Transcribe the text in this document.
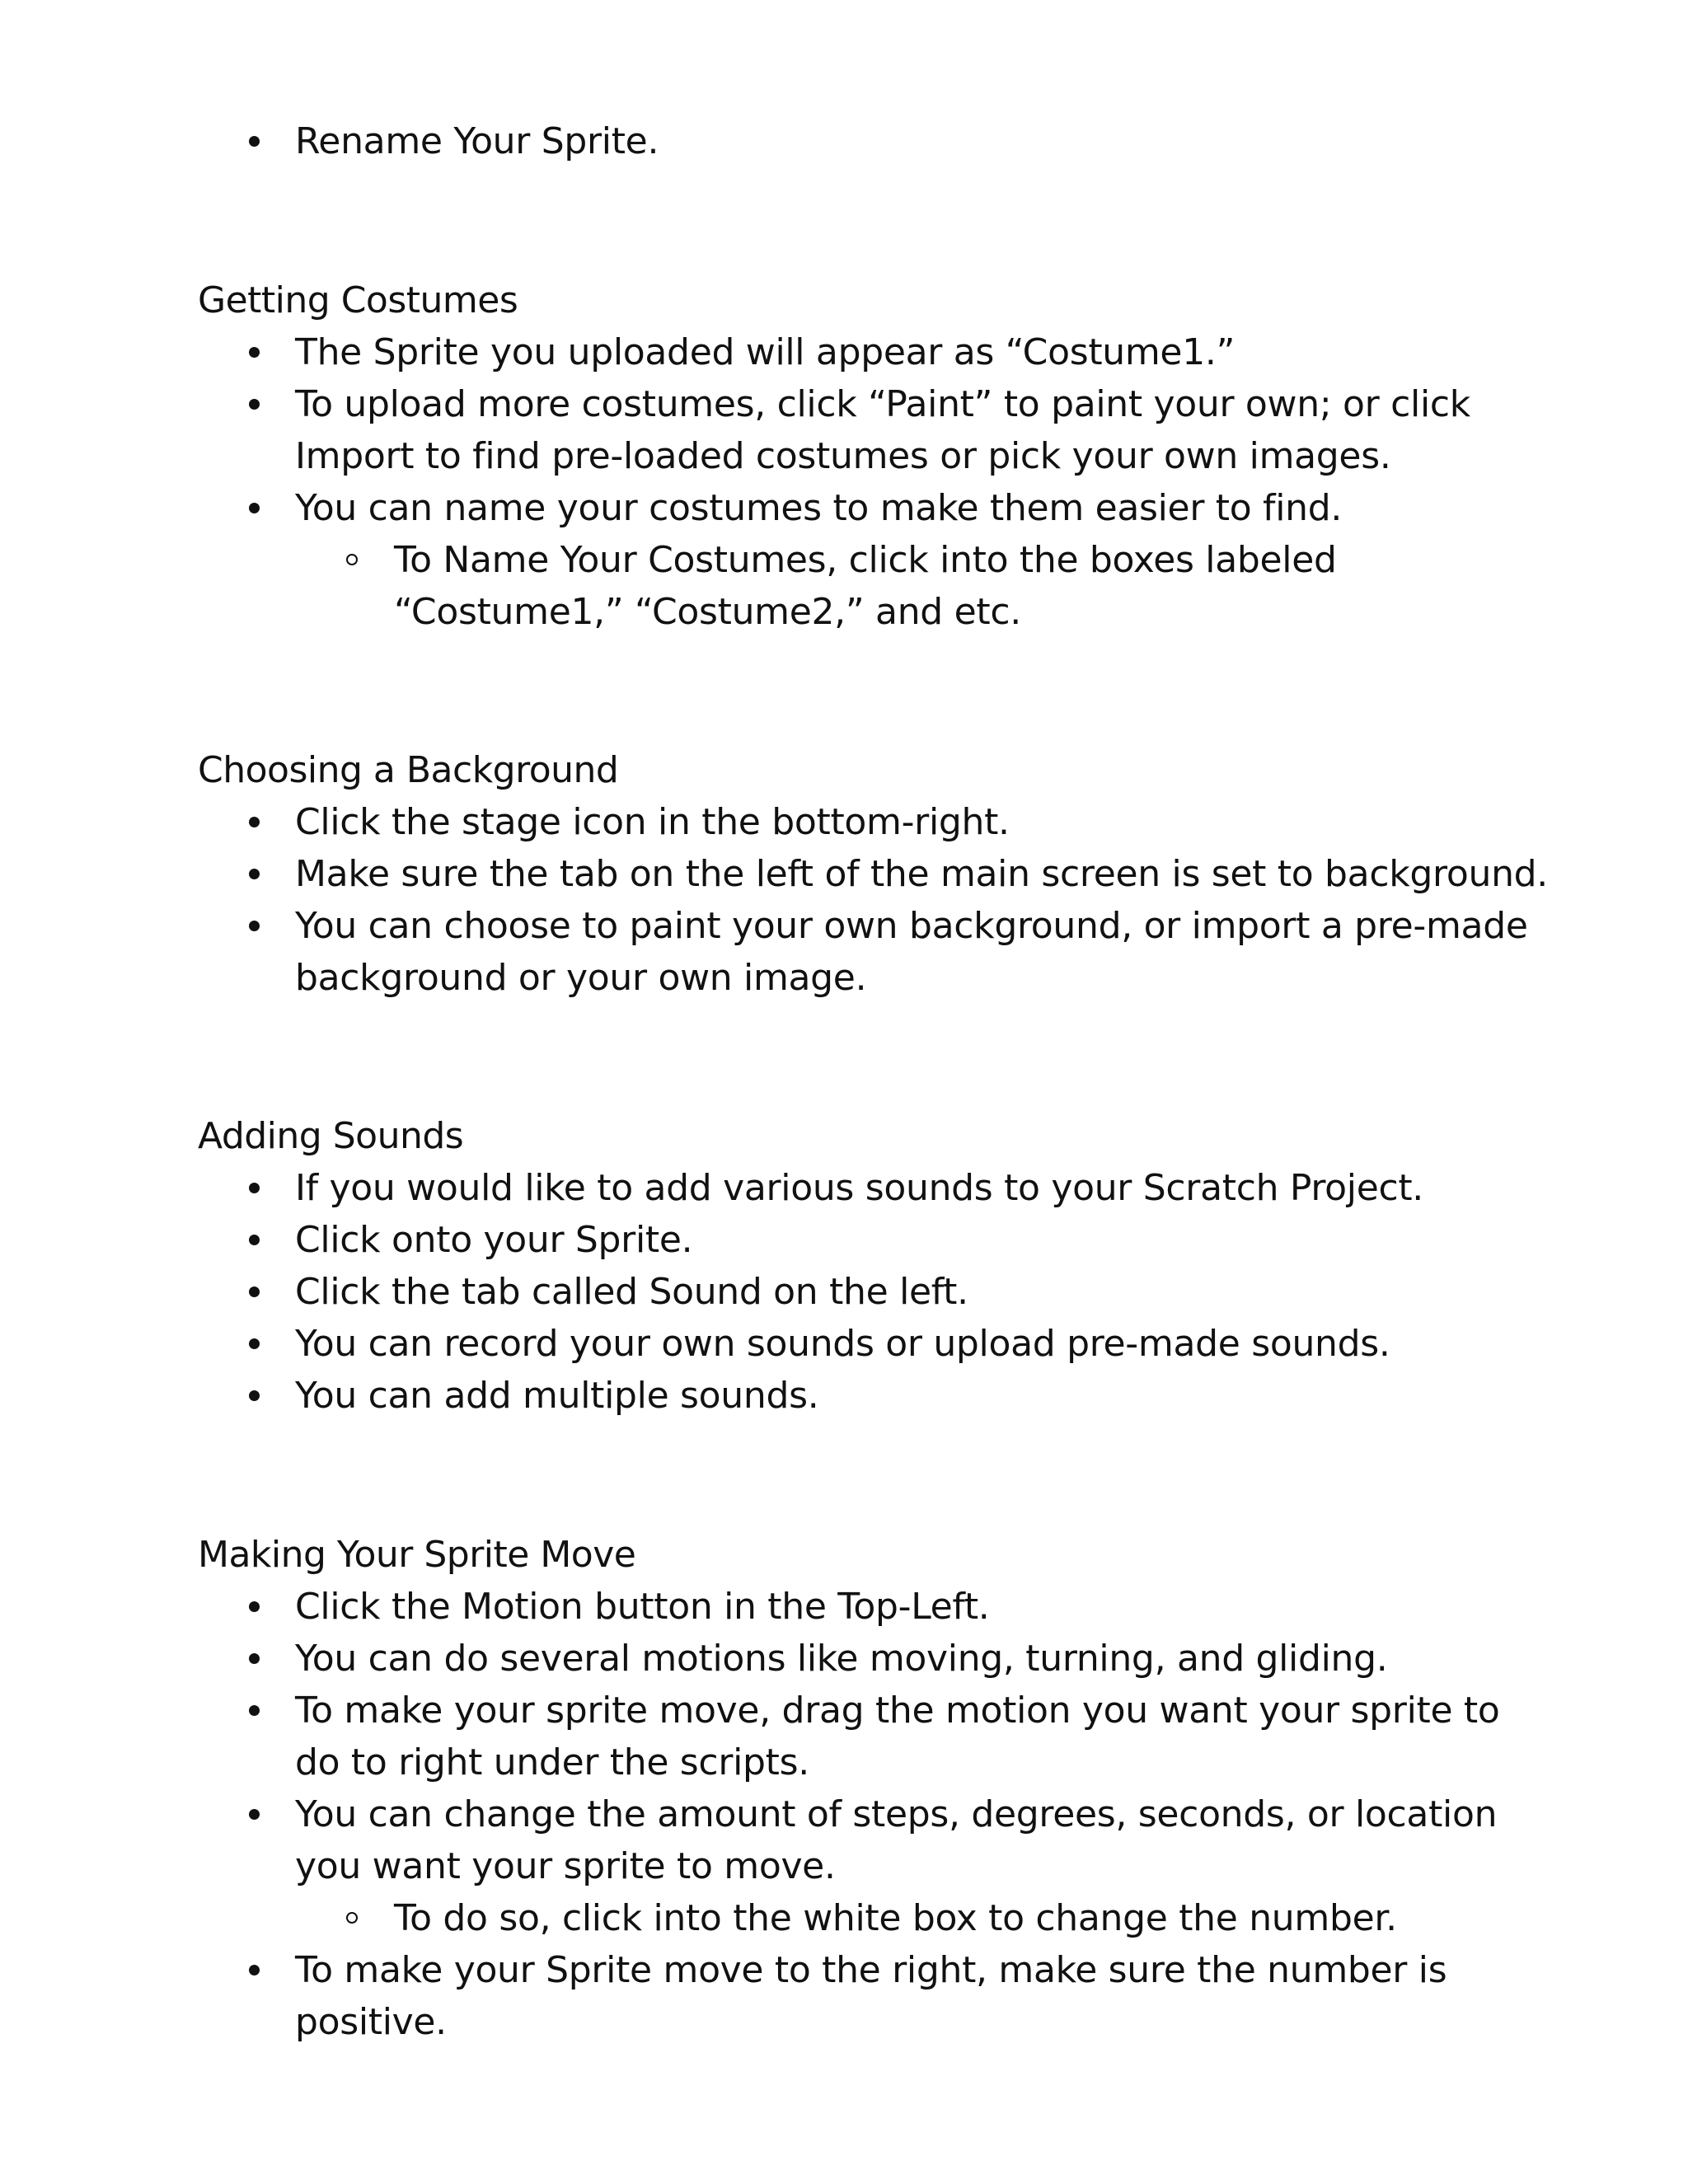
Rename Your Sprite.
Getting Costumes
The Sprite you uploaded will appear as “Costume1.”
To upload more costumes, click “Paint” to paint your own; or click Import to find pre-loaded costumes or pick your own images.
You can name your costumes to make them easier to find.
To Name Your Costumes, click into the boxes labeled “Costume1,” “Costume2,” and etc.
Choosing a Background
Click the stage icon in the bottom-right.
Make sure the tab on the left of the main screen is set to background.
You can choose to paint your own background, or import a pre-made background or your own image.
Adding Sounds
If you would like to add various sounds to your Scratch Project.
Click onto your Sprite.
Click the tab called Sound on the left.
You can record your own sounds or upload pre-made sounds.
You can add multiple sounds.
Making Your Sprite Move
Click the Motion button in the Top-Left.
You can do several motions like moving, turning, and gliding.
To make your sprite move, drag the motion you want your sprite to do to right under the scripts.
You can change the amount of steps, degrees, seconds, or location you want your sprite to move.
To do so, click into the white box to change the number.
To make your Sprite move to the right, make sure the number is positive.
